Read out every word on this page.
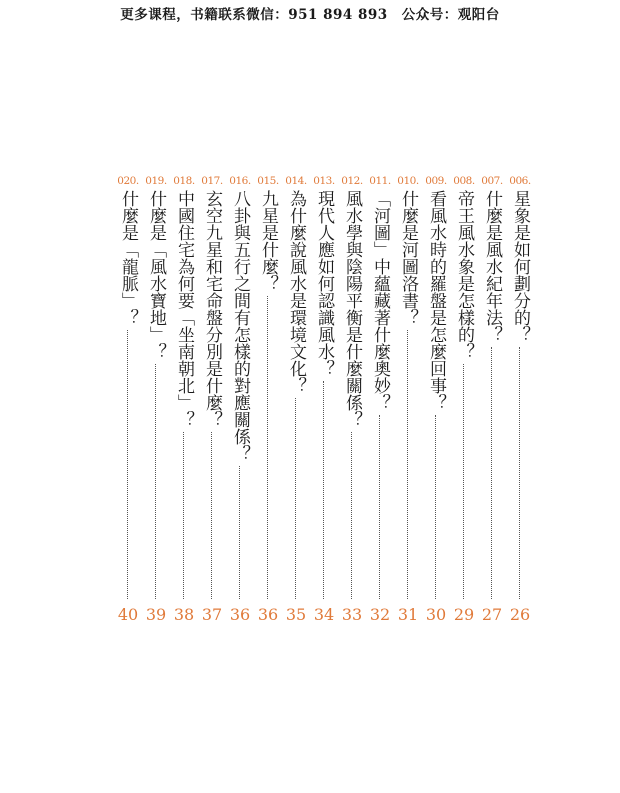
更多课程，书籍联系微信：951 894 893　公众号：观阳台
006.
星象是如何劃分的？
26
007.
什麼是風水紀年法？
27
008.
帝王風水象是怎樣的？
29
009.
看風水時的羅盤是怎麼回事？
30
010.
什麼是河圖洛書？
31
011.
「河圖」中蘊藏著什麼奧妙？
32
012.
風水學與陰陽平衡是什麼關係？
33
013.
現代人應如何認識風水？
34
014.
為什麼說風水是環境文化？
35
015.
九星是什麼？
36
016.
八卦與五行之間有怎樣的對應關係？
36
017.
玄空九星和宅命盤分別是什麼？
37
018.
中國住宅為何要「坐南朝北」？
38
019.
什麼是「風水寶地」？
39
020.
什麼是「龍脈」？
40
